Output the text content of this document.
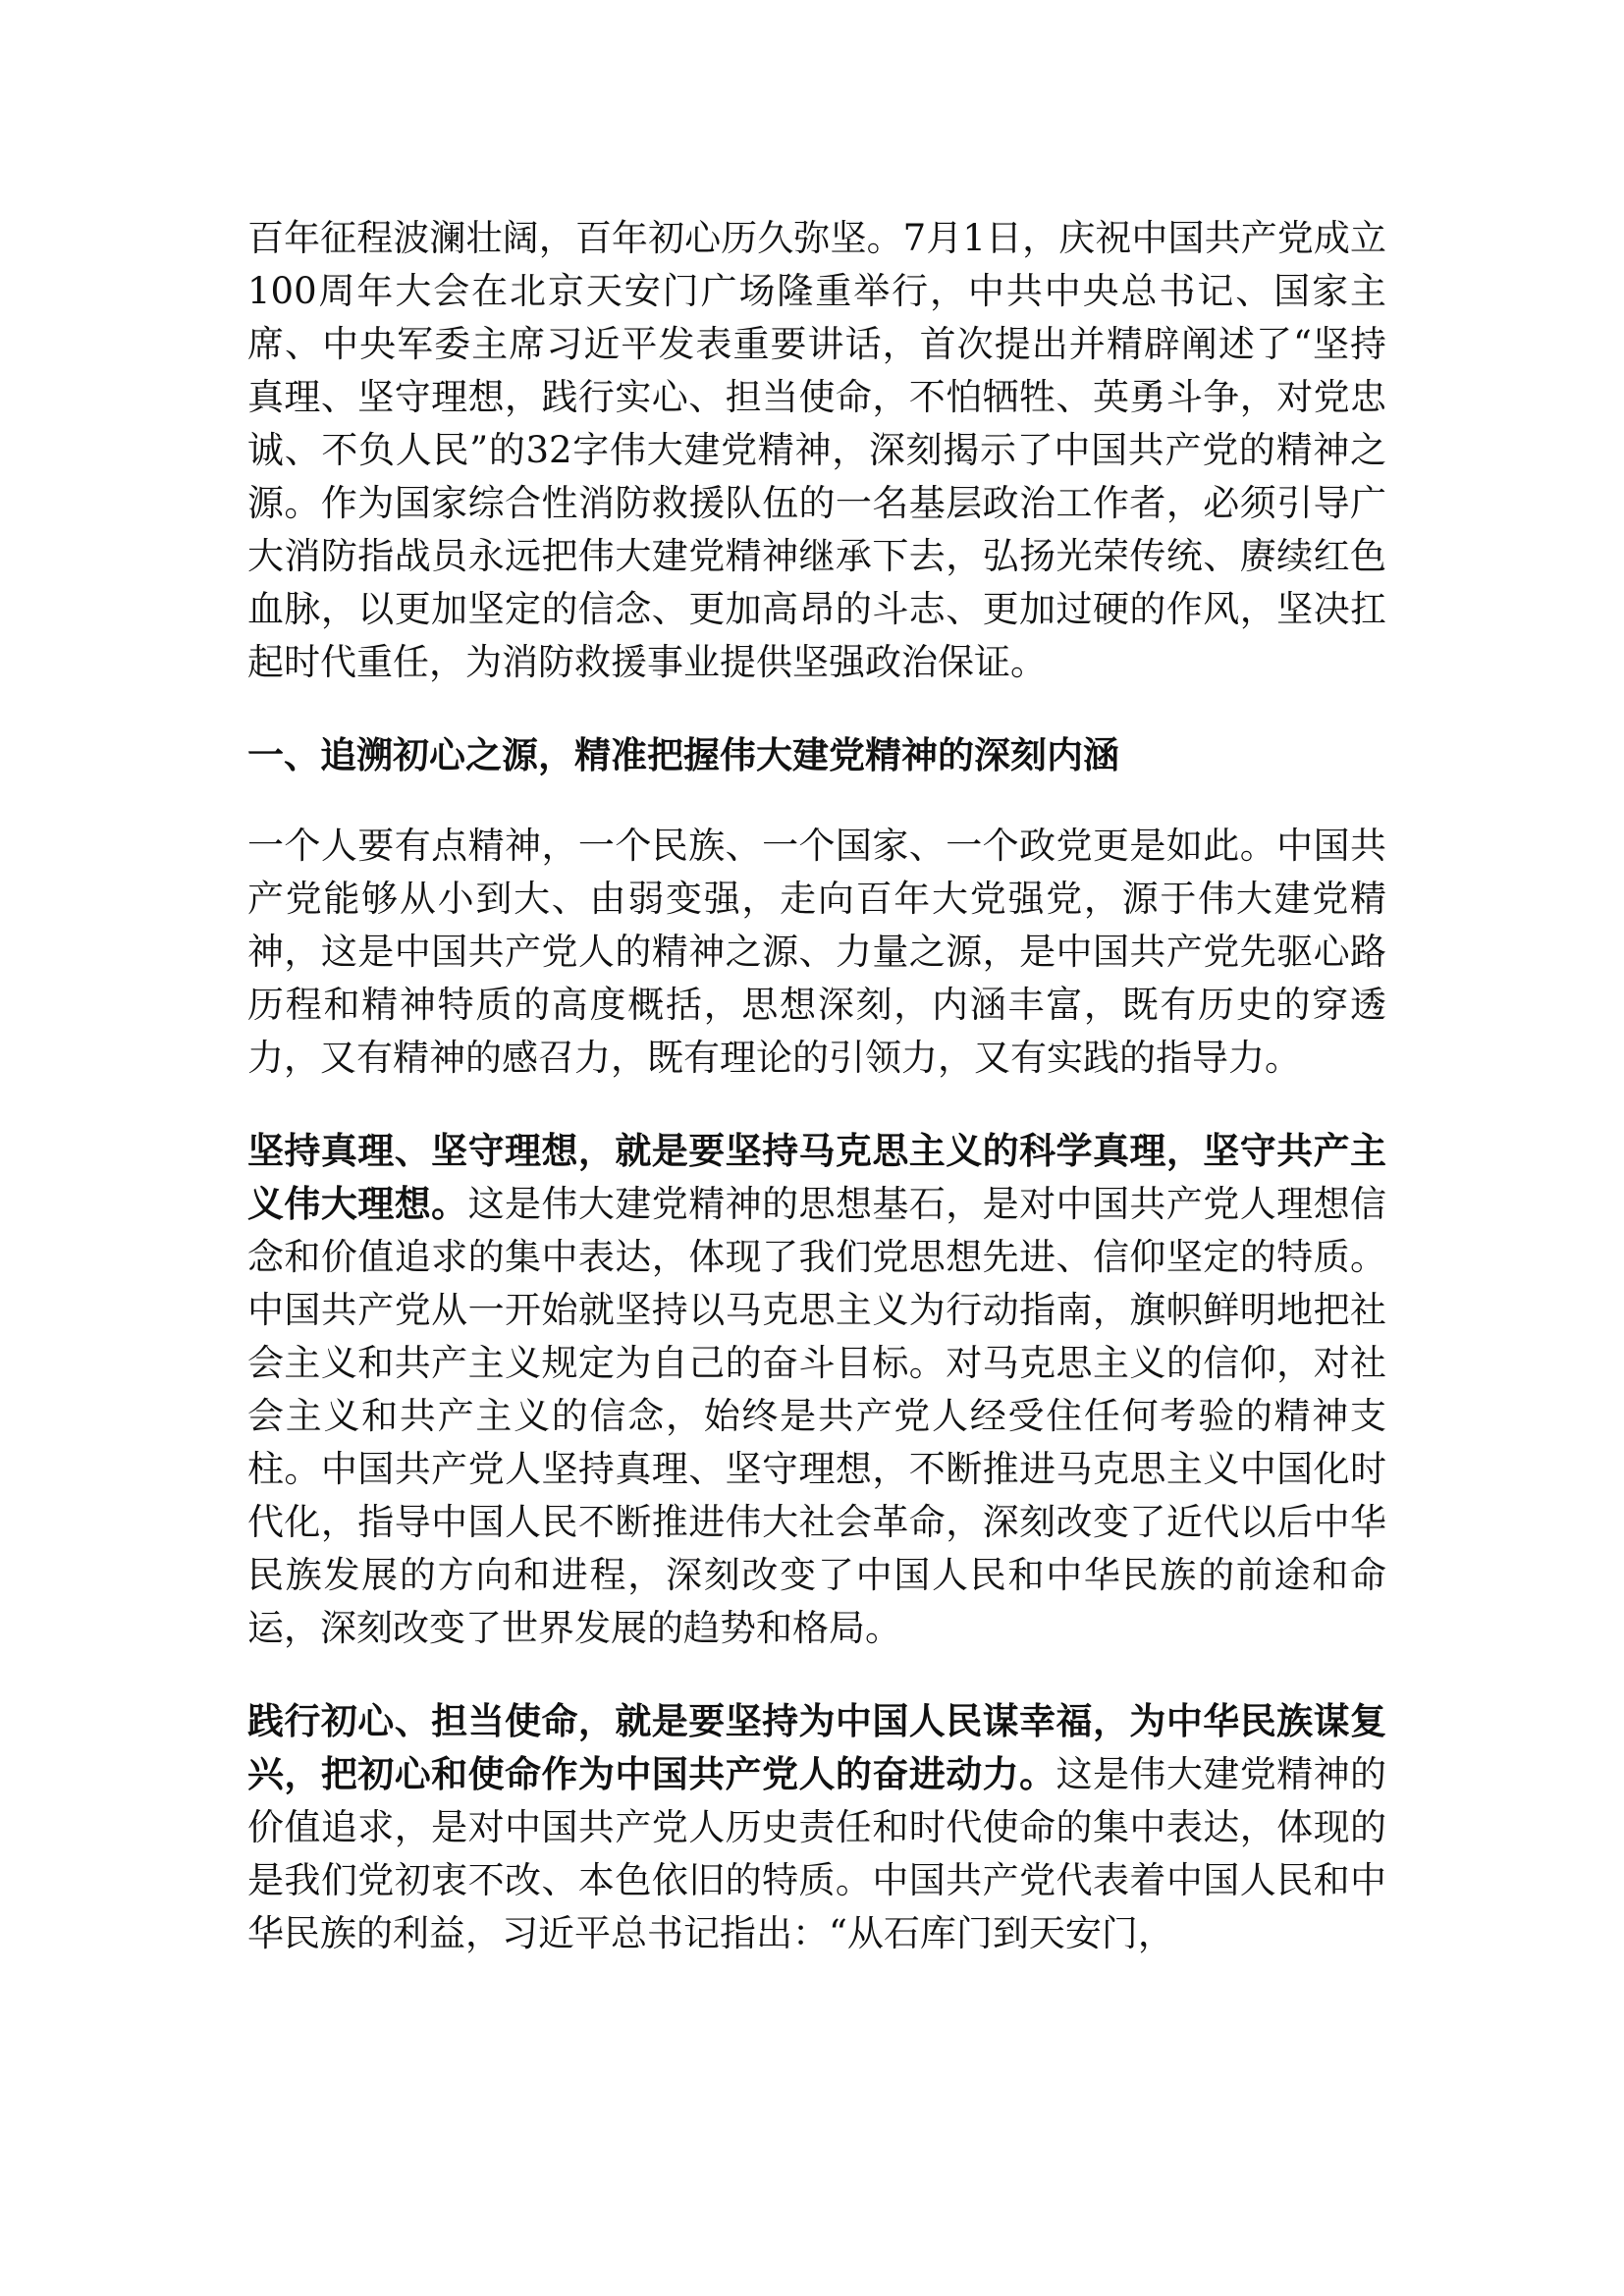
百年征程波澜壮阔，百年初心历久弥坚。7月1日，庆祝中国共产党成立100周年大会在北京天安门广场隆重举行，中共中央总书记、国家主席、中央军委主席习近平发表重要讲话，首次提出并精辟阐述了“坚持真理、坚守理想，践行实心、担当使命，不怕牺牲、英勇斗争，对党忠诚、不负人民”的32字伟大建党精神，深刻揭示了中国共产党的精神之源。作为国家综合性消防救援队伍的一名基层政治工作者，必须引导广大消防指战员永远把伟大建党精神继承下去，弘扬光荣传统、赓续红色血脉，以更加坚定的信念、更加高昂的斗志、更加过硬的作风，坚决扛起时代重任，为消防救援事业提供坚强政治保证。

一、追溯初心之源，精准把握伟大建党精神的深刻内涵

一个人要有点精神，一个民族、一个国家、一个政党更是如此。中国共产党能够从小到大、由弱变强，走向百年大党强党，源于伟大建党精神，这是中国共产党人的精神之源、力量之源，是中国共产党先驱心路历程和精神特质的高度概括，思想深刻，内涵丰富，既有历史的穿透力，又有精神的感召力，既有理论的引领力，又有实践的指导力。

坚持真理、坚守理想，就是要坚持马克思主义的科学真理，坚守共产主义伟大理想。这是伟大建党精神的思想基石，是对中国共产党人理想信念和价值追求的集中表达，体现了我们党思想先进、信仰坚定的特质。中国共产党从一开始就坚持以马克思主义为行动指南，旗帜鲜明地把社会主义和共产主义规定为自己的奋斗目标。对马克思主义的信仰，对社会主义和共产主义的信念，始终是共产党人经受住任何考验的精神支柱。中国共产党人坚持真理、坚守理想，不断推进马克思主义中国化时代化，指导中国人民不断推进伟大社会革命，深刻改变了近代以后中华民族发展的方向和进程，深刻改变了中国人民和中华民族的前途和命运，深刻改变了世界发展的趋势和格局。

践行初心、担当使命，就是要坚持为中国人民谋幸福，为中华民族谋复兴，把初心和使命作为中国共产党人的奋进动力。这是伟大建党精神的价值追求，是对中国共产党人历史责任和时代使命的集中表达，体现的是我们党初衷不改、本色依旧的特质。中国共产党代表着中国人民和中华民族的利益，习近平总书记指出：“从石库门到天安门，
